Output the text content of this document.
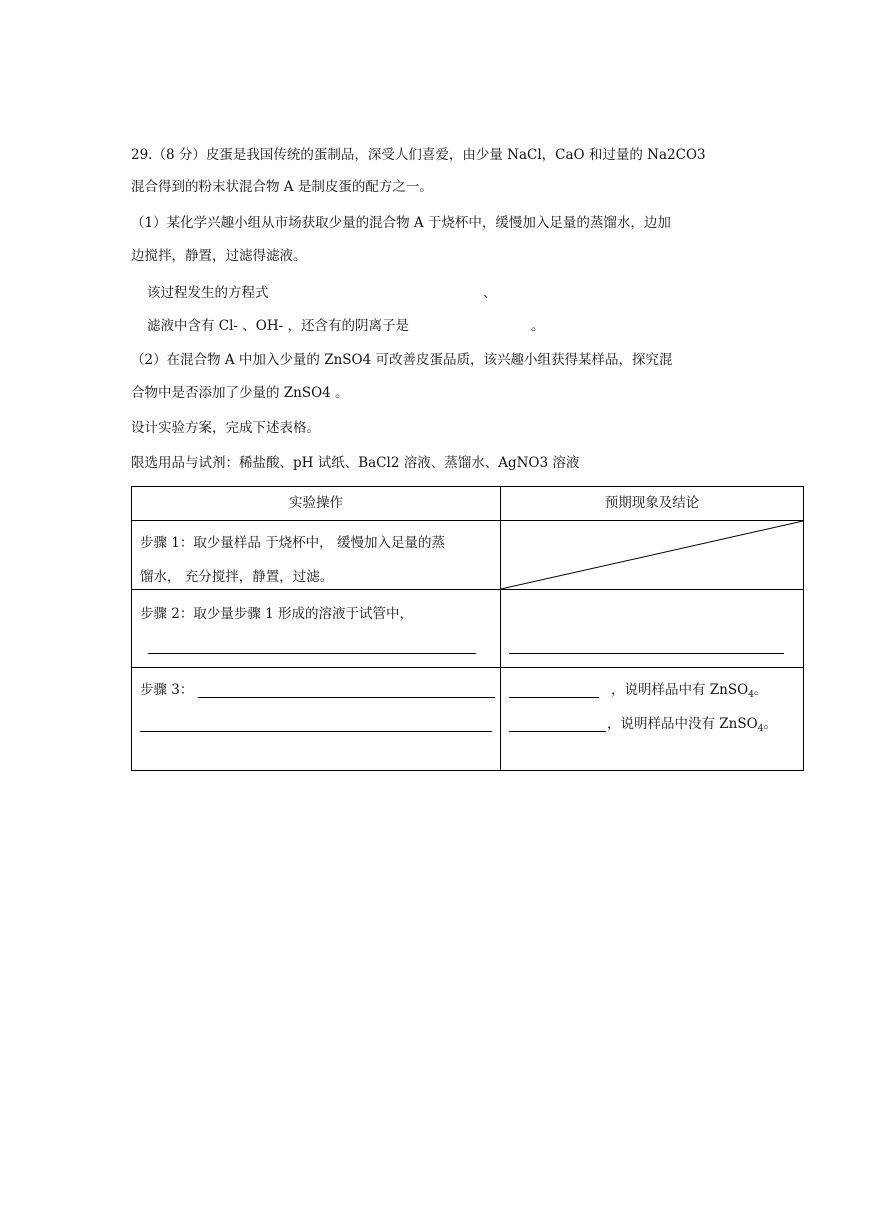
29.（8 分）皮蛋是我国传统的蛋制品，深受人们喜爱，由少量 NaCl，CaO 和过量的 Na2CO3
混合得到的粉末状混合物 A 是制皮蛋的配方之一。
（1）某化学兴趣小组从市场获取少量的混合物 A 于烧杯中，缓慢加入足量的蒸馏水，边加
边搅拌，静置，过滤得滤液。
该过程发生的方程式	、
滤液中含有 Cl- 、OH- ，还含有的阴离子是	。
（2）在混合物 A 中加入少量的 ZnSO4 可改善皮蛋品质，该兴趣小组获得某样品，探究混
合物中是否添加了少量的 ZnSO4 。
设计实验方案，完成下述表格。
限选用品与试剂：稀盐酸、pH 试纸、BaCl2 溶液、蒸馏水、AgNO3 溶液
实验操作	预期现象及结论

步骤 1：取少量样品 于烧杯中， 缓慢加入足量的蒸
馏水， 充分搅拌，静置，过滤。

步骤 2：取少量步骤 1 形成的溶液于试管中，	

步骤 3：	，说明样品中有 ZnSO$_4$。
，说明样品中没有 ZnSO$_4$。
